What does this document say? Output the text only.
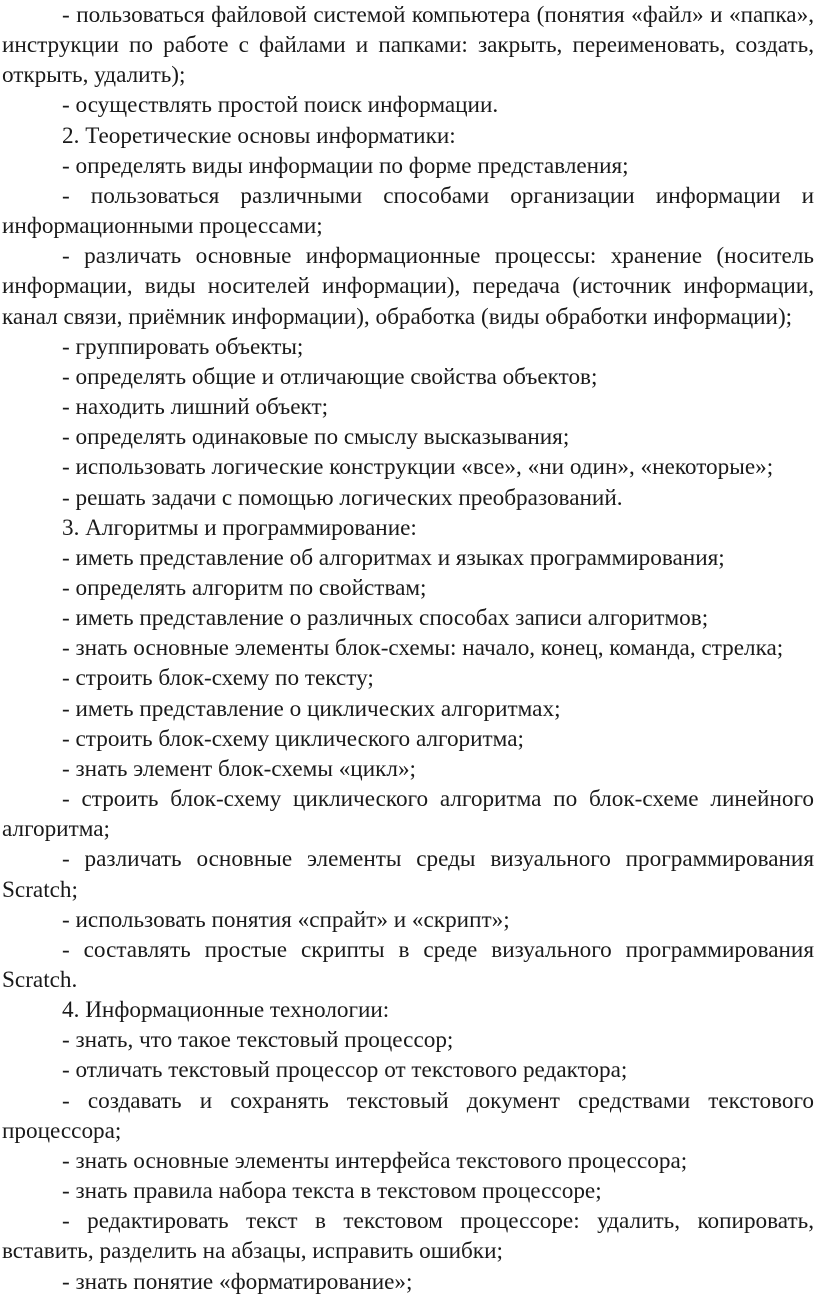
- пользоваться файловой системой компьютера (понятия «файл» и «папка», инструкции по работе с файлами и папками: закрыть, переименовать, создать, открыть, удалить);

- осуществлять простой поиск информации.

2. Теоретические основы информатики:

- определять виды информации по форме представления;

- пользоваться различными способами организации информации и информационными процессами;

- различать основные информационные процессы: хранение (носитель информации, виды носителей информации), передача (источник информации, канал связи, приёмник информации), обработка (виды обработки информации);

- группировать объекты;

- определять общие и отличающие свойства объектов;

- находить лишний объект;

- определять одинаковые по смыслу высказывания;

- использовать логические конструкции «все», «ни один», «некоторые»;

- решать задачи с помощью логических преобразований.

3. Алгоритмы и программирование:

- иметь представление об алгоритмах и языках программирования;

- определять алгоритм по свойствам;

- иметь представление о различных способах записи алгоритмов;

- знать основные элементы блок-схемы: начало, конец, команда, стрелка;

- строить блок-схему по тексту;

- иметь представление о циклических алгоритмах;

- строить блок-схему циклического алгоритма;

- знать элемент блок-схемы «цикл»;

- строить блок-схему циклического алгоритма по блок-схеме линейного алгоритма;

- различать основные элементы среды визуального программирования Scratch;

- использовать понятия «спрайт» и «скрипт»;

- составлять простые скрипты в среде визуального программирования Scratch.

4. Информационные технологии:

- знать, что такое текстовый процессор;

- отличать текстовый процессор от текстового редактора;

- создавать и сохранять текстовый документ средствами текстового процессора;

- знать основные элементы интерфейса текстового процессора;

- знать правила набора текста в текстовом процессоре;

- редактировать текст в текстовом процессоре: удалить, копировать, вставить, разделить на абзацы, исправить ошибки;

- знать понятие «форматирование»;
